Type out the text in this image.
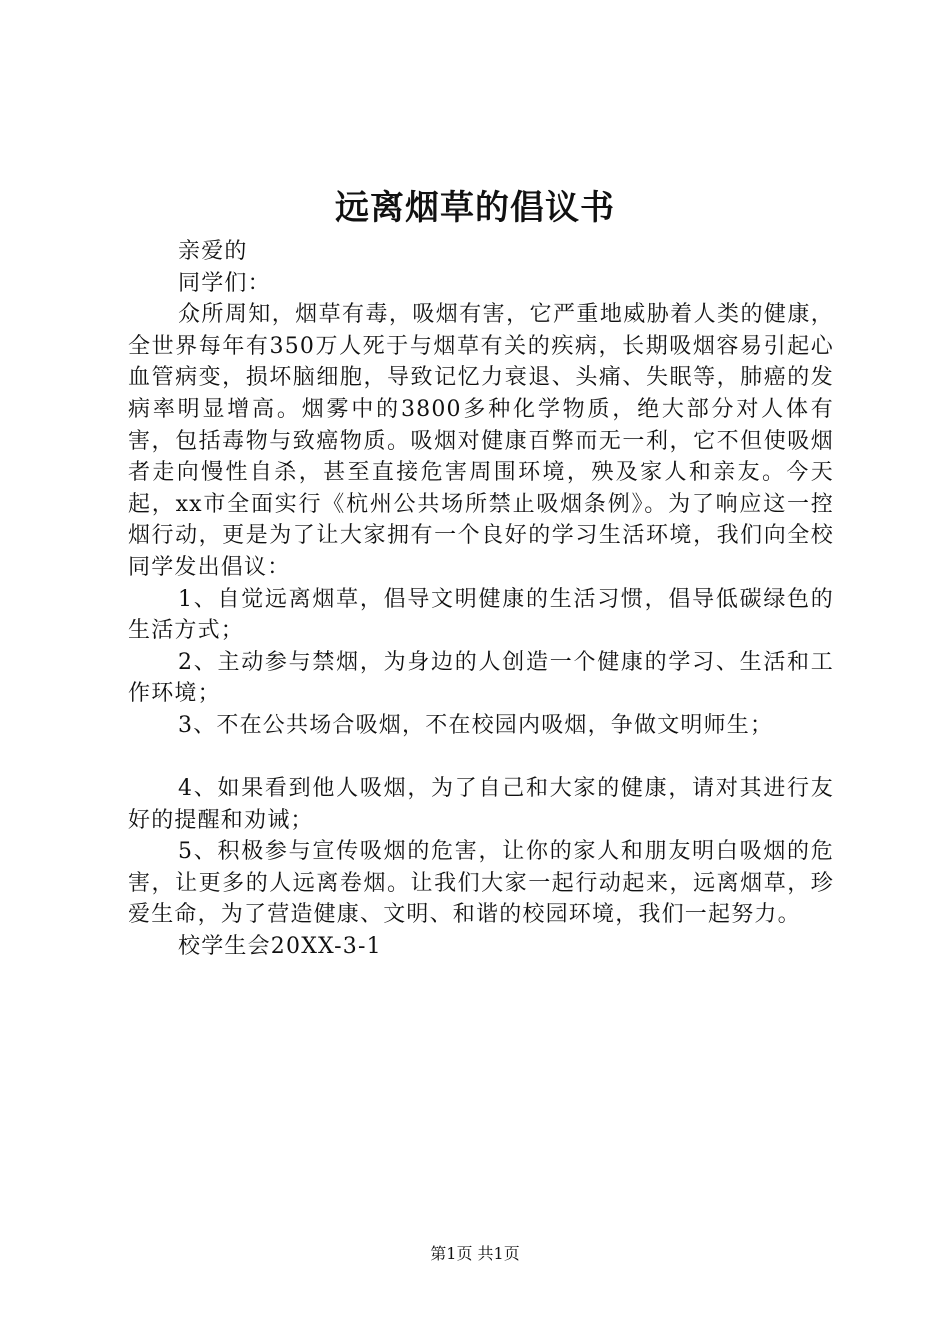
远离烟草的倡议书

亲爱的

同学们：

众所周知，烟草有毒，吸烟有害，它严重地威胁着人类的健康，全世界每年有350万人死于与烟草有关的疾病，长期吸烟容易引起心血管病变，损坏脑细胞，导致记忆力衰退、头痛、失眠等，肺癌的发病率明显增高。烟雾中的3800多种化学物质，绝大部分对人体有害，包括毒物与致癌物质。吸烟对健康百弊而无一利，它不但使吸烟者走向慢性自杀，甚至直接危害周围环境，殃及家人和亲友。今天起，xx市全面实行《杭州公共场所禁止吸烟条例》。为了响应这一控烟行动，更是为了让大家拥有一个良好的学习生活环境，我们向全校同学发出倡议：

1、自觉远离烟草，倡导文明健康的生活习惯，倡导低碳绿色的生活方式；

2、主动参与禁烟，为身边的人创造一个健康的学习、生活和工作环境；

3、不在公共场合吸烟，不在校园内吸烟，争做文明师生；

4、如果看到他人吸烟，为了自己和大家的健康，请对其进行友好的提醒和劝诫；

5、积极参与宣传吸烟的危害，让你的家人和朋友明白吸烟的危害，让更多的人远离卷烟。让我们大家一起行动起来，远离烟草，珍爱生命，为了营造健康、文明、和谐的校园环境，我们一起努力。

校学生会20XX-3-1

第1页 共1页
